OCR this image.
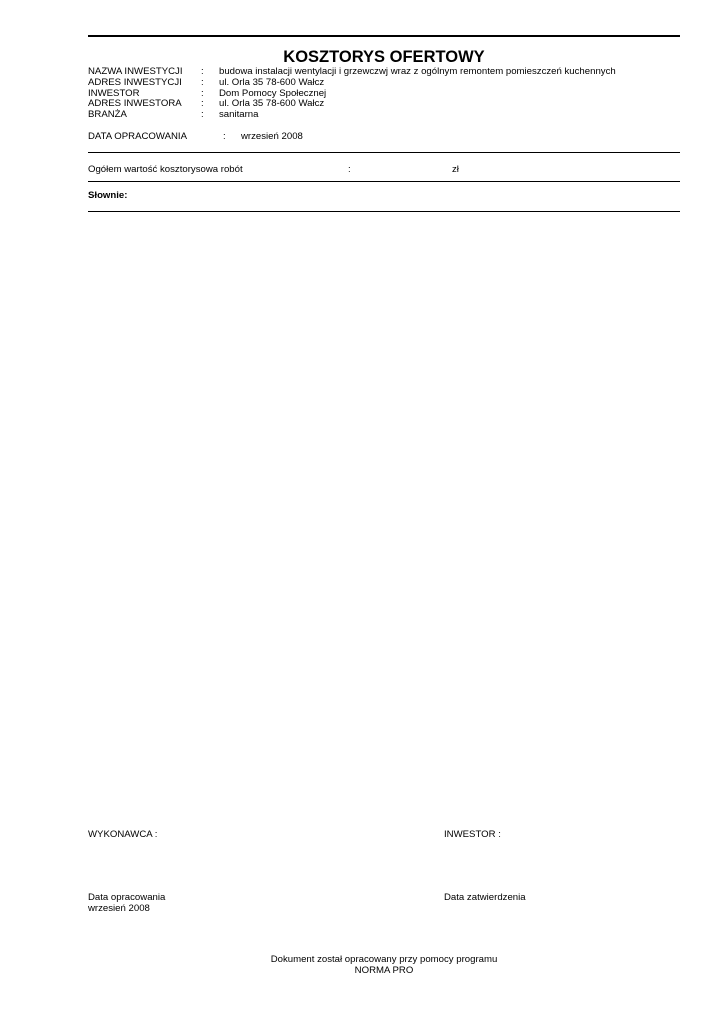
KOSZTORYS OFERTOWY
NAZWA INWESTYCJI : budowa instalacji wentylacji i grzewczwj wraz z ogólnym remontem pomieszczeń kuchennych
ADRES INWESTYCJI : ul. Orla 35 78-600 Wałcz
INWESTOR	: Dom Pomocy Społecznej
ADRES INWESTORA : ul. Orla 35 78-600 Wałcz
BRANŻA	: sanitarna
DATA OPRACOWANIA	: wrzesień 2008
Ogółem wartość kosztorysowa robót	:	zł
Słownie:
WYKONAWCA :	INWESTOR :
Data opracowania
wrzesień 2008
Data zatwierdzenia
Dokument został opracowany przy pomocy programu
NORMA PRO
